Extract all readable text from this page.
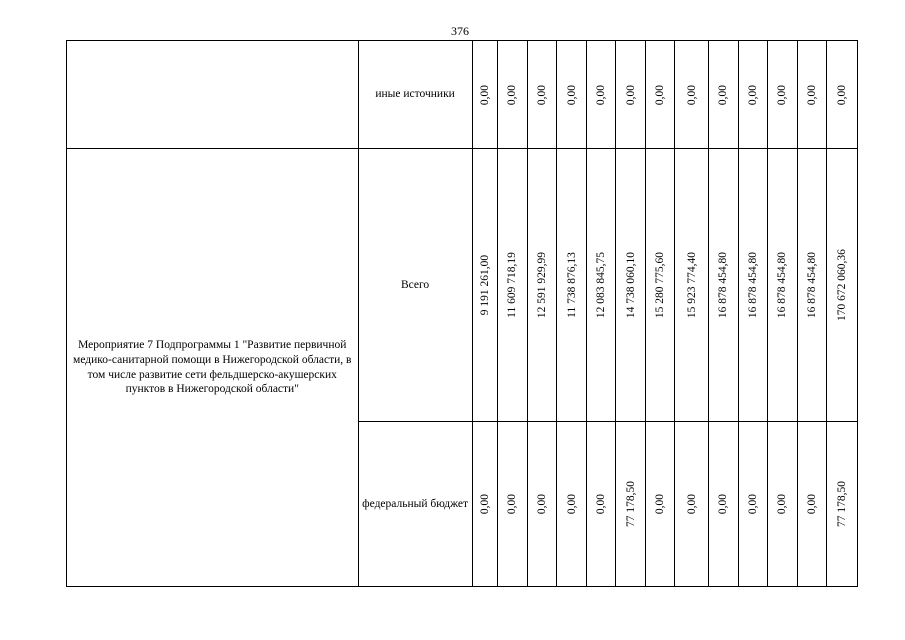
376
	иные источники	0,00	0,00	0,00	0,00	0,00	0,00	0,00	0,00	0,00	0,00	0,00	0,00	0,00

Мероприятие 7 Подпрограммы 1 "Развитие первичной медико-санитарной помощи в Нижегородской области, в том числе развитие сети фельдшерско-акушерских пунктов в Нижегородской области"	Всего	9 191 261,00	11 609 718,19	12 591 929,99	11 738 876,13	12 083 845,75	14 738 060,10	15 280 775,60	15 923 774,40	16 878 454,80	16 878 454,80	16 878 454,80	16 878 454,80	170 672 060,36

	федеральный бюджет	0,00	0,00	0,00	0,00	0,00	77 178,50	0,00	0,00	0,00	0,00	0,00	0,00	77 178,50
